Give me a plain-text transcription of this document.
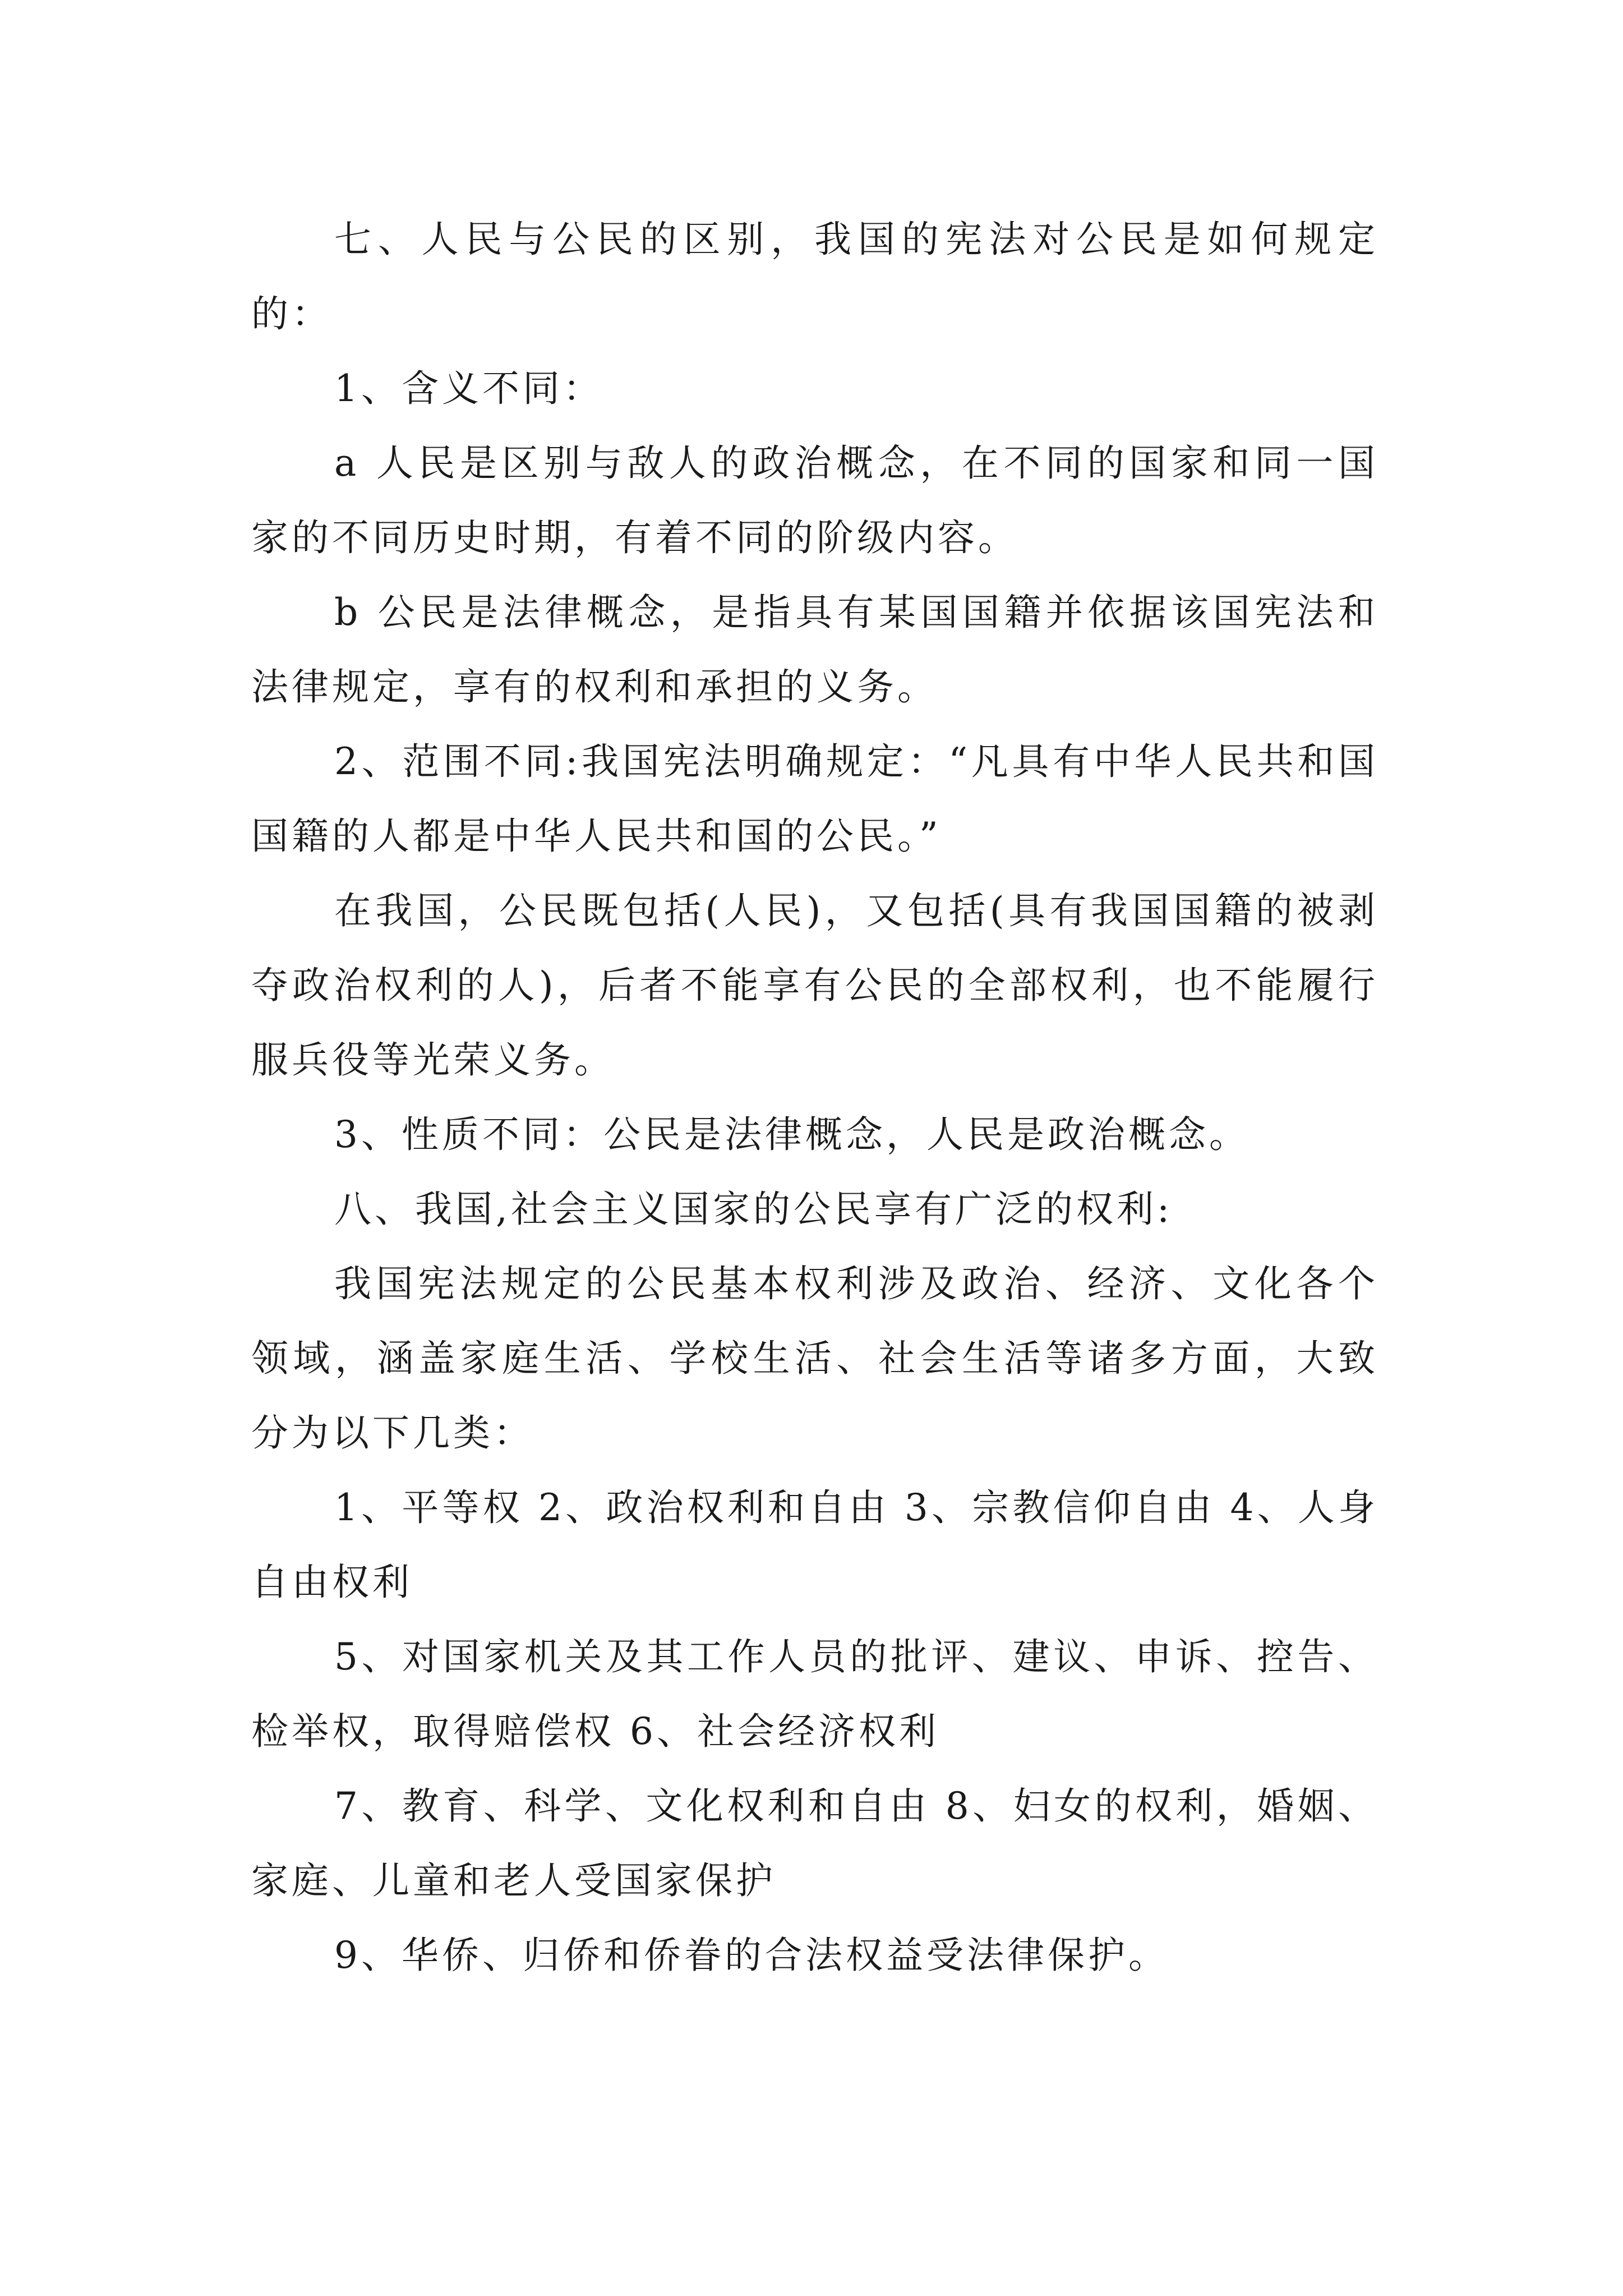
七、人民与公民的区别，我国的宪法对公民是如何规定的：

1、含义不同：

a 人民是区别与敌人的政治概念，在不同的国家和同一国家的不同历史时期，有着不同的阶级内容。

b 公民是法律概念，是指具有某国国籍并依据该国宪法和法律规定，享有的权利和承担的义务。

2、范围不同:我国宪法明确规定：“凡具有中华人民共和国国籍的人都是中华人民共和国的公民。”

在我国，公民既包括(人民)，又包括(具有我国国籍的被剥夺政治权利的人)，后者不能享有公民的全部权利，也不能履行服兵役等光荣义务。

3、性质不同：公民是法律概念，人民是政治概念。

八、我国,社会主义国家的公民享有广泛的权利:

我国宪法规定的公民基本权利涉及政治、经济、文化各个领域，涵盖家庭生活、学校生活、社会生活等诸多方面，大致分为以下几类：

1、平等权 2、政治权利和自由 3、宗教信仰自由 4、人身自由权利

5、对国家机关及其工作人员的批评、建议、申诉、控告、检举权，取得赔偿权 6、社会经济权利

7、教育、科学、文化权利和自由 8、妇女的权利，婚姻、家庭、儿童和老人受国家保护

9、华侨、归侨和侨眷的合法权益受法律保护。
